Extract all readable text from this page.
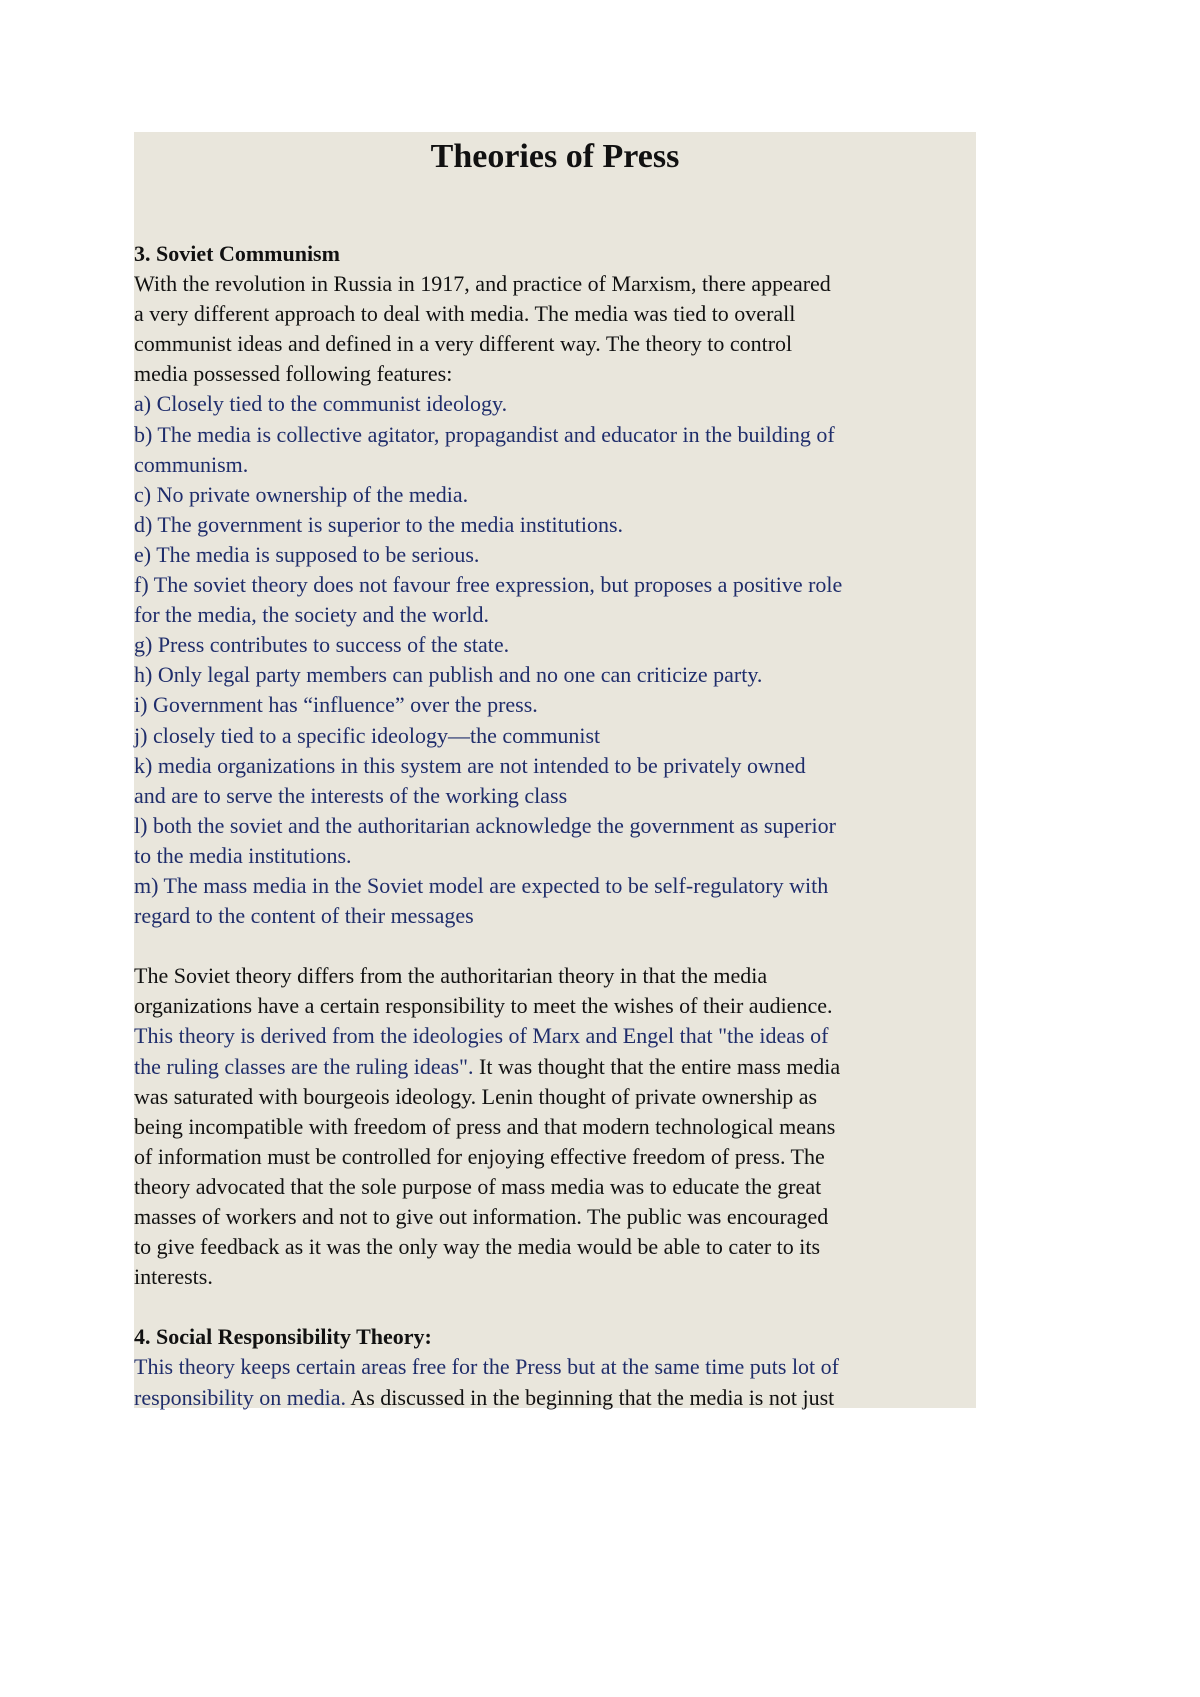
Theories of Press
3. Soviet Communism
With the revolution in Russia in 1917, and practice of Marxism, there appeared
a very different approach to deal with media. The media was tied to overall
communist ideas and defined in a very different way. The theory to control
media possessed following features:
a) Closely tied to the communist ideology.
b) The media is collective agitator, propagandist and educator in the building of
communism.
c) No private ownership of the media.
d) The government is superior to the media institutions.
e) The media is supposed to be serious.
f) The soviet theory does not favour free expression, but proposes a positive role
for the media, the society and the world.
g) Press contributes to success of the state.
h) Only legal party members can publish and no one can criticize party.
i) Government has “influence” over the press.
j) closely tied to a specific ideology—the communist
k) media organizations in this system are not intended to be privately owned
and are to serve the interests of the working class
l) both the soviet and the authoritarian acknowledge the government as superior
to the media institutions.
m) The mass media in the Soviet model are expected to be self-regulatory with
regard to the content of their messages
The Soviet theory differs from the authoritarian theory in that the media
organizations have a certain responsibility to meet the wishes of their audience.
This theory is derived from the ideologies of Marx and Engel that "the ideas of
the ruling classes are the ruling ideas". It was thought that the entire mass media
was saturated with bourgeois ideology. Lenin thought of private ownership as
being incompatible with freedom of press and that modern technological means
of information must be controlled for enjoying effective freedom of press. The
theory advocated that the sole purpose of mass media was to educate the great
masses of workers and not to give out information. The public was encouraged
to give feedback as it was the only way the media would be able to cater to its
interests.
4. Social Responsibility Theory:
This theory keeps certain areas free for the Press but at the same time puts lot of
responsibility on media. As discussed in the beginning that the media is not just
